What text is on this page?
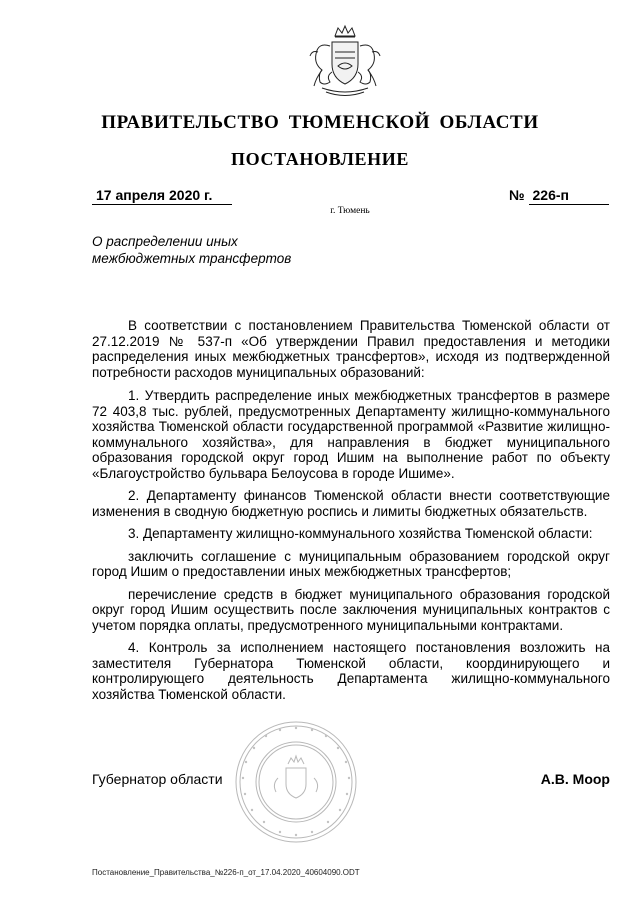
ПРАВИТЕЛЬСТВО ТЮМЕНСКОЙ ОБЛАСТИ
ПОСТАНОВЛЕНИЕ
17 апреля 2020 г.	№ 226-п
г. Тюмень
О распределении иных
межбюджетных трансфертов

В соответствии с постановлением Правительства Тюменской области от 27.12.2019 № 537-п «Об утверждении Правил предоставления и методики распределения иных межбюджетных трансфертов», исходя из подтвержденной потребности расходов муниципальных образований:

1. Утвердить распределение иных межбюджетных трансфертов в размере 72 403,8 тыс. рублей, предусмотренных Департаменту жилищно-коммунального хозяйства Тюменской области государственной программой «Развитие жилищно-коммунального хозяйства», для направления в бюджет муниципального образования городской округ город Ишим на выполнение работ по объекту «Благоустройство бульвара Белоусова в городе Ишиме».

2. Департаменту финансов Тюменской области внести соответствующие изменения в сводную бюджетную роспись и лимиты бюджетных обязательств.

3. Департаменту жилищно-коммунального хозяйства Тюменской области:

заключить соглашение с муниципальным образованием городской округ город Ишим о предоставлении иных межбюджетных трансфертов;

перечисление средств в бюджет муниципального образования городской округ город Ишим осуществить после заключения муниципальных контрактов с учетом порядка оплаты, предусмотренного муниципальными контрактами.

4. Контроль за исполнением настоящего постановления возложить на заместителя Губернатора Тюменской области, координирующего и контролирующего деятельность Департамента жилищно-коммунального хозяйства Тюменской области.

Губернатор области	А.В. Моор
Постановление_Правительства_№226-п_от_17.04.2020_40604090.ODT
